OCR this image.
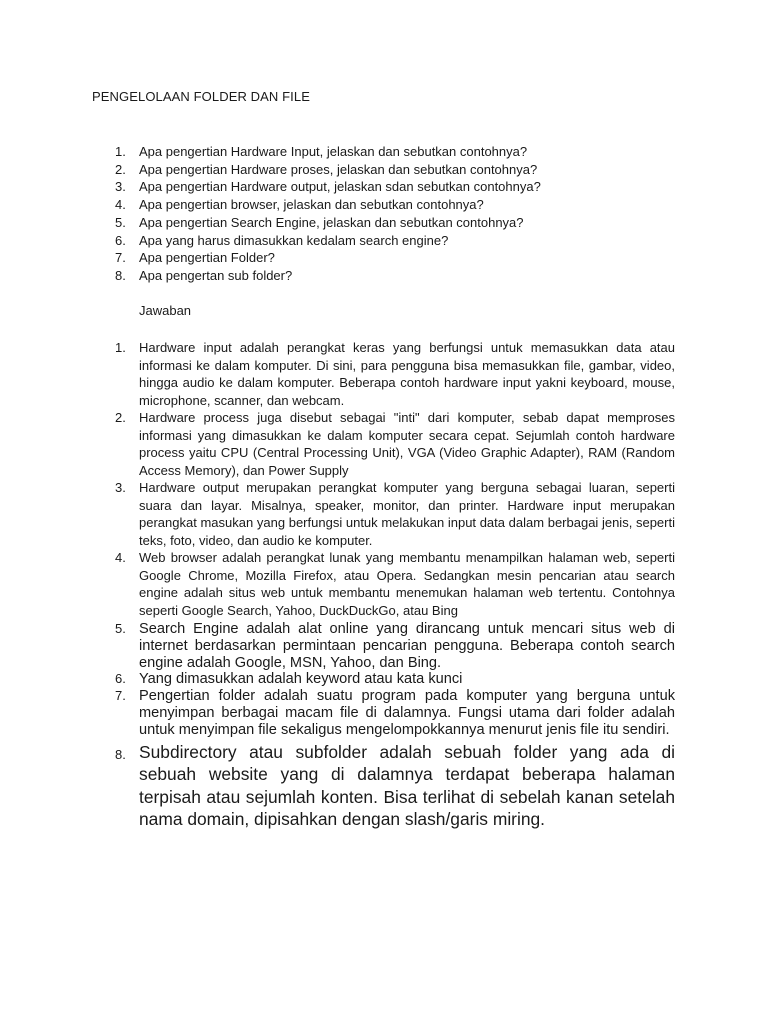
PENGELOLAAN FOLDER DAN FILE
1.	Apa pengertian Hardware Input, jelaskan dan sebutkan contohnya?
2.	Apa pengertian Hardware proses, jelaskan dan sebutkan contohnya?
3.	Apa pengertian Hardware output, jelaskan sdan sebutkan contohnya?
4.	Apa pengertian browser, jelaskan dan sebutkan contohnya?
5.	Apa pengertian Search Engine, jelaskan dan sebutkan contohnya?
6.	Apa yang harus dimasukkan kedalam search engine?
7.	Apa pengertian Folder?
8.	Apa pengertan sub folder?

Jawaban

1.	Hardware input adalah perangkat keras yang berfungsi untuk memasukkan data atau informasi ke dalam komputer. Di sini, para pengguna bisa memasukkan file, gambar, video, hingga audio ke dalam komputer. Beberapa contoh hardware input yakni keyboard, mouse, microphone, scanner, dan webcam.
2.	Hardware process juga disebut sebagai "inti" dari komputer, sebab dapat memproses informasi yang dimasukkan ke dalam komputer secara cepat. Sejumlah contoh hardware process yaitu CPU (Central Processing Unit), VGA (Video Graphic Adapter), RAM (Random Access Memory), dan Power Supply
3.	Hardware output merupakan perangkat komputer yang berguna sebagai luaran, seperti suara dan layar. Misalnya, speaker, monitor, dan printer. Hardware input merupakan perangkat masukan yang berfungsi untuk melakukan input data dalam berbagai jenis, seperti teks, foto, video, dan audio ke komputer.
4.	Web browser adalah perangkat lunak yang membantu menampilkan halaman web, seperti Google Chrome, Mozilla Firefox, atau Opera. Sedangkan mesin pencarian atau search engine adalah situs web untuk membantu menemukan halaman web tertentu. Contohnya seperti Google Search, Yahoo, DuckDuckGo, atau Bing
5. Search Engine adalah alat online yang dirancang untuk mencari situs web di internet berdasarkan permintaan pencarian pengguna. Beberapa contoh search engine adalah Google, MSN, Yahoo, dan Bing.
6. Yang dimasukkan adalah keyword atau kata kunci
7. Pengertian folder adalah suatu program pada komputer yang berguna untuk menyimpan berbagai macam file di dalamnya. Fungsi utama dari folder adalah untuk menyimpan file sekaligus mengelompokkannya menurut jenis file itu sendiri.
8. Subdirectory atau subfolder adalah sebuah folder yang ada di sebuah website yang di dalamnya terdapat beberapa halaman terpisah atau sejumlah konten. Bisa terlihat di sebelah kanan setelah nama domain, dipisahkan dengan slash/garis miring.
